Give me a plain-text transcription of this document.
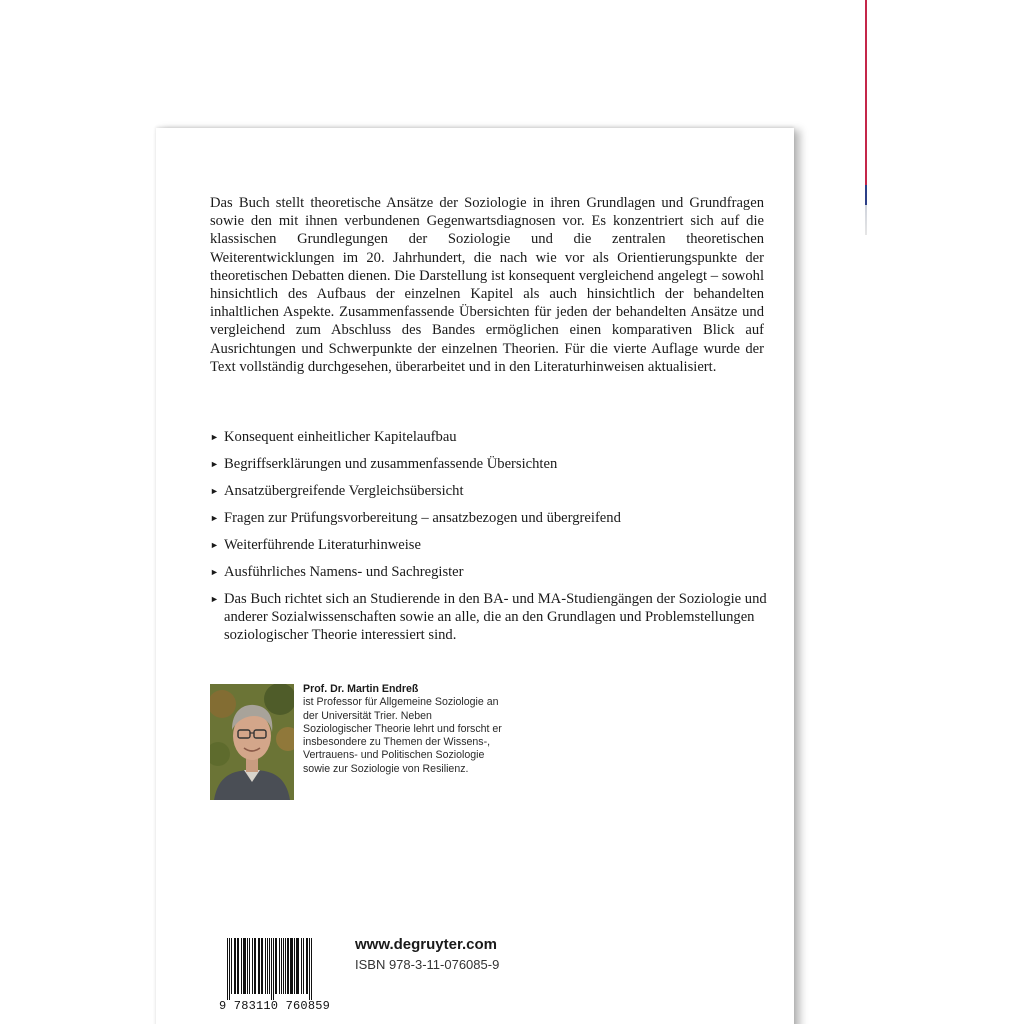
Das Buch stellt theoretische Ansätze der Soziologie in ihren Grundlagen und Grundfragen sowie den mit ihnen verbundenen Gegenwartsdiagnosen vor. Es konzentriert sich auf die klassischen Grundlegungen der Soziologie und die zentralen theoretischen Weiterentwicklungen im 20. Jahrhundert, die nach wie vor als Orientierungspunkte der theoretischen Debatten dienen. Die Darstellung ist konsequent vergleichend angelegt – sowohl hinsichtlich des Aufbaus der einzelnen Kapitel als auch hinsichtlich der behandelten inhaltlichen Aspekte. Zusammenfassende Übersichten für jeden der behandelten Ansätze und vergleichend zum Abschluss des Bandes ermöglichen einen komparativen Blick auf Ausrichtungen und Schwerpunkte der einzelnen Theorien. Für die vierte Auflage wurde der Text vollständig durchgesehen, überarbeitet und in den Literaturhinweisen aktualisiert.

► Konsequent einheitlicher Kapitelaufbau
► Begriffserklärungen und zusammenfassende Übersichten
► Ansatzübergreifende Vergleichsübersicht
► Fragen zur Prüfungsvorbereitung – ansatzbezogen und übergreifend
► Weiterführende Literaturhinweise
► Ausführliches Namens- und Sachregister
► Das Buch richtet sich an Studierende in den BA- und MA-Studiengängen der Soziologie und anderer Sozialwissenschaften sowie an alle, die an den Grundlagen und Problemstellungen soziologischer Theorie interessiert sind.
Prof. Dr. Martin Endreß
ist Professor für Allgemeine Soziologie an der Universität Trier. Neben Soziologischer Theorie lehrt und forscht er insbesondere zu Themen der Wissens-, Vertrauens- und Politischen Soziologie sowie zur Soziologie von Resilienz.
9 783110 760859
www.degruyter.com
ISBN 978-3-11-076085-9
